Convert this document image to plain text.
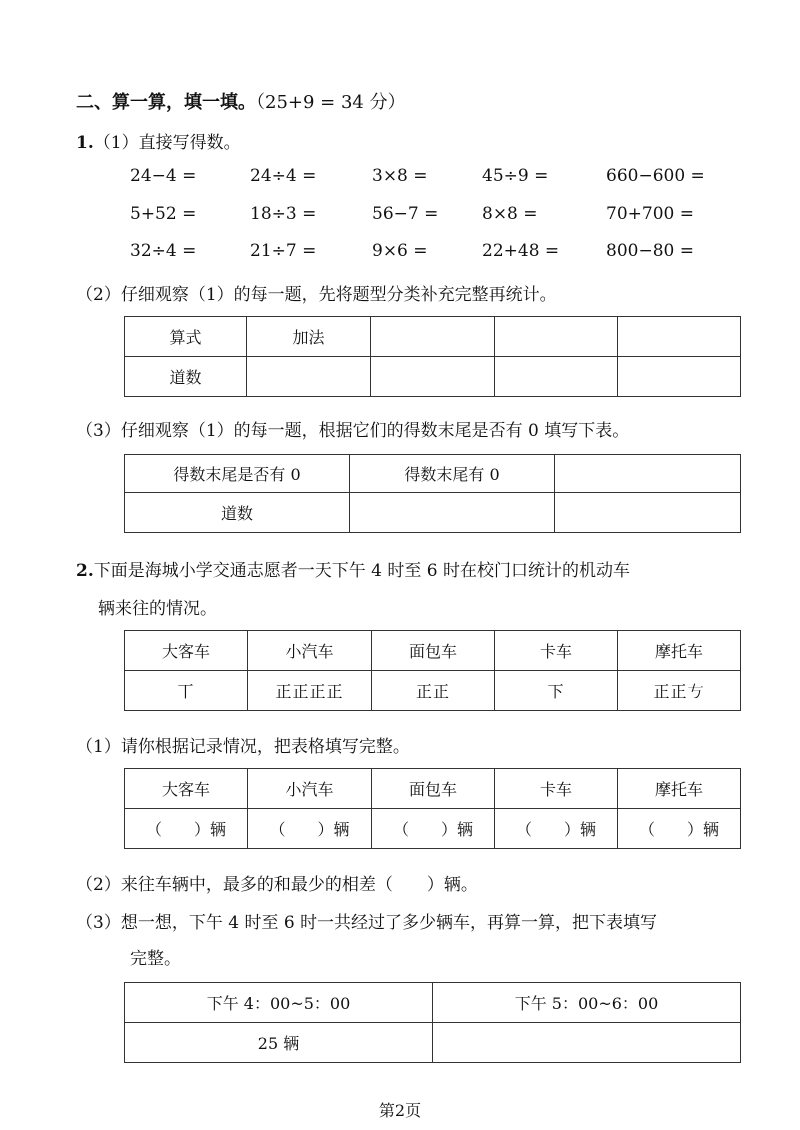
二、算一算，填一填。（25+9 = 34 分）
1.（1）直接写得数。
24−4 =	24÷4 =	3×8 =	45÷9 =	660−600 =
5+52 =	18÷3 =	56−7 =	8×8 =	70+700 =
32÷4 =	21÷7 =	9×6 =	22+48 =	800−80 =
（2）仔细观察（1）的每一题，先将题型分类补充完整再统计。
算式	加法			
道数				
（3）仔细观察（1）的每一题，根据它们的得数末尾是否有 0 填写下表。
得数末尾是否有 0	得数末尾有 0	
道数		
2.下面是海城小学交通志愿者一天下午 4 时至 6 时在校门口统计的机动车
辆来往的情况。
大客车	小汽车	面包车	卡车	摩托车
丅	正正正正	正正	下	正正𠀁
（1）请你根据记录情况，把表格填写完整。
大客车	小汽车	面包车	卡车	摩托车
（　　）辆	（　　）辆	（　　）辆	（　　）辆	（　　）辆
（2）来往车辆中，最多的和最少的相差（　　）辆。
（3）想一想，下午 4 时至 6 时一共经过了多少辆车，再算一算，把下表填写
完整。
下午 4：00~5：00	下午 5：00~6：00
25 辆	
第2页
